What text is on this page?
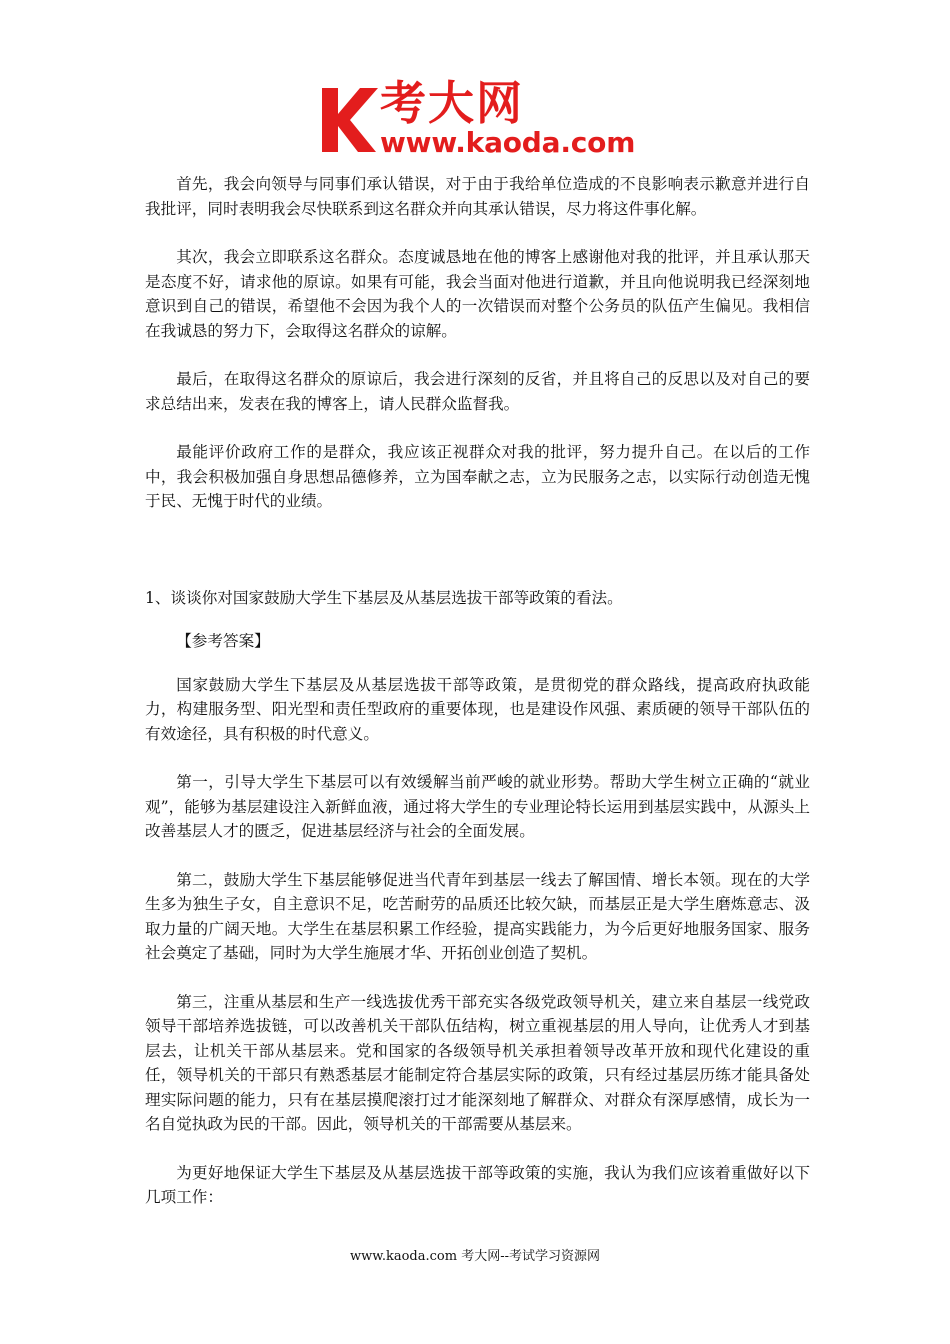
考大网
www.kaoda.com

首先，我会向领导与同事们承认错误，对于由于我给单位造成的不良影响表示歉意并进行自我批评，同时表明我会尽快联系到这名群众并向其承认错误，尽力将这件事化解。

其次，我会立即联系这名群众。态度诚恳地在他的博客上感谢他对我的批评，并且承认那天是态度不好，请求他的原谅。如果有可能，我会当面对他进行道歉，并且向他说明我已经深刻地意识到自己的错误，希望他不会因为我个人的一次错误而对整个公务员的队伍产生偏见。我相信在我诚恳的努力下，会取得这名群众的谅解。

最后，在取得这名群众的原谅后，我会进行深刻的反省，并且将自己的反思以及对自己的要求总结出来，发表在我的博客上，请人民群众监督我。

最能评价政府工作的是群众，我应该正视群众对我的批评，努力提升自己。在以后的工作中，我会积极加强自身思想品德修养，立为国奉献之志，立为民服务之志，以实际行动创造无愧于民、无愧于时代的业绩。

1、谈谈你对国家鼓励大学生下基层及从基层选拔干部等政策的看法。

【参考答案】

国家鼓励大学生下基层及从基层选拔干部等政策，是贯彻党的群众路线，提高政府执政能力，构建服务型、阳光型和责任型政府的重要体现，也是建设作风强、素质硬的领导干部队伍的有效途径，具有积极的时代意义。

第一，引导大学生下基层可以有效缓解当前严峻的就业形势。帮助大学生树立正确的“就业观”，能够为基层建设注入新鲜血液，通过将大学生的专业理论特长运用到基层实践中，从源头上改善基层人才的匮乏，促进基层经济与社会的全面发展。

第二，鼓励大学生下基层能够促进当代青年到基层一线去了解国情、增长本领。现在的大学生多为独生子女，自主意识不足，吃苦耐劳的品质还比较欠缺，而基层正是大学生磨炼意志、汲取力量的广阔天地。大学生在基层积累工作经验，提高实践能力，为今后更好地服务国家、服务社会奠定了基础，同时为大学生施展才华、开拓创业创造了契机。

第三，注重从基层和生产一线选拔优秀干部充实各级党政领导机关，建立来自基层一线党政领导干部培养选拔链，可以改善机关干部队伍结构，树立重视基层的用人导向，让优秀人才到基层去，让机关干部从基层来。党和国家的各级领导机关承担着领导改革开放和现代化建设的重任，领导机关的干部只有熟悉基层才能制定符合基层实际的政策，只有经过基层历练才能具备处理实际问题的能力，只有在基层摸爬滚打过才能深刻地了解群众、对群众有深厚感情，成长为一名自觉执政为民的干部。因此，领导机关的干部需要从基层来。

为更好地保证大学生下基层及从基层选拔干部等政策的实施，我认为我们应该着重做好以下几项工作：

www.kaoda.com 考大网--考试学习资源网
